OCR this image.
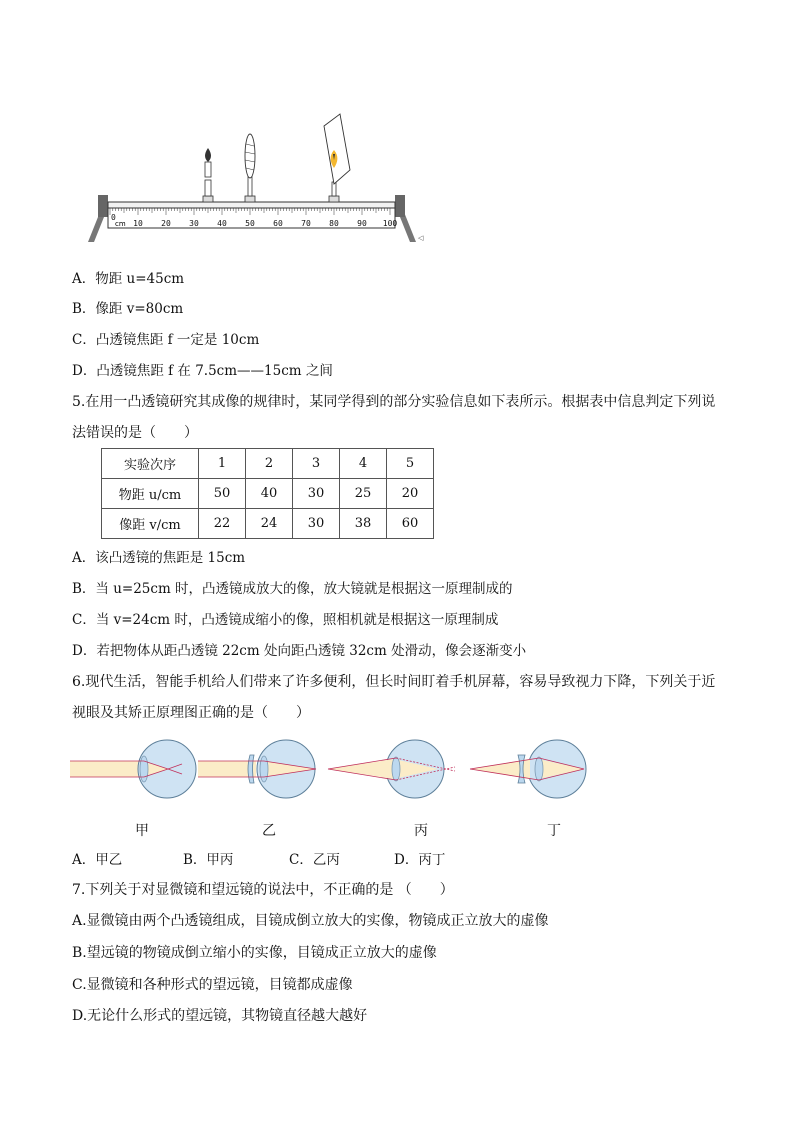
10 20 30 40 50 60 70 80 90 100
0
cm
◁
A．物距 u=45cm
B．像距 v=80cm
C．凸透镜焦距 f 一定是 10cm
D．凸透镜焦距 f 在 7.5cm——15cm 之间
5.在用一凸透镜研究其成像的规律时，某同学得到的部分实验信息如下表所示。根据表中信息判定下列说
法错误的是（　　）
实验次序	1	2	3	4	5
物距 u/cm	50	40	30	25	20
像距 v/cm	22	24	30	38	60
A．该凸透镜的焦距是 15cm
B．当 u=25cm 时，凸透镜成放大的像，放大镜就是根据这一原理制成的
C．当 v=24cm 时，凸透镜成缩小的像，照相机就是根据这一原理制成
D．若把物体从距凸透镜 22cm 处向距凸透镜 32cm 处滑动，像会逐渐变小
6.现代生活，智能手机给人们带来了许多便利，但长时间盯着手机屏幕，容易导致视力下降，下列关于近
视眼及其矫正原理图正确的是（　　）
甲	乙	丙	丁
A．甲乙	B．甲丙	C．乙丙	D．丙丁
7.下列关于对显微镜和望远镜的说法中，不正确的是 （　　）
A.显微镜由两个凸透镜组成，目镜成倒立放大的实像，物镜成正立放大的虚像
B.望远镜的物镜成倒立缩小的实像，目镜成正立放大的虚像
C.显微镜和各种形式的望远镜，目镜都成虚像
D.无论什么形式的望远镜，其物镜直径越大越好
